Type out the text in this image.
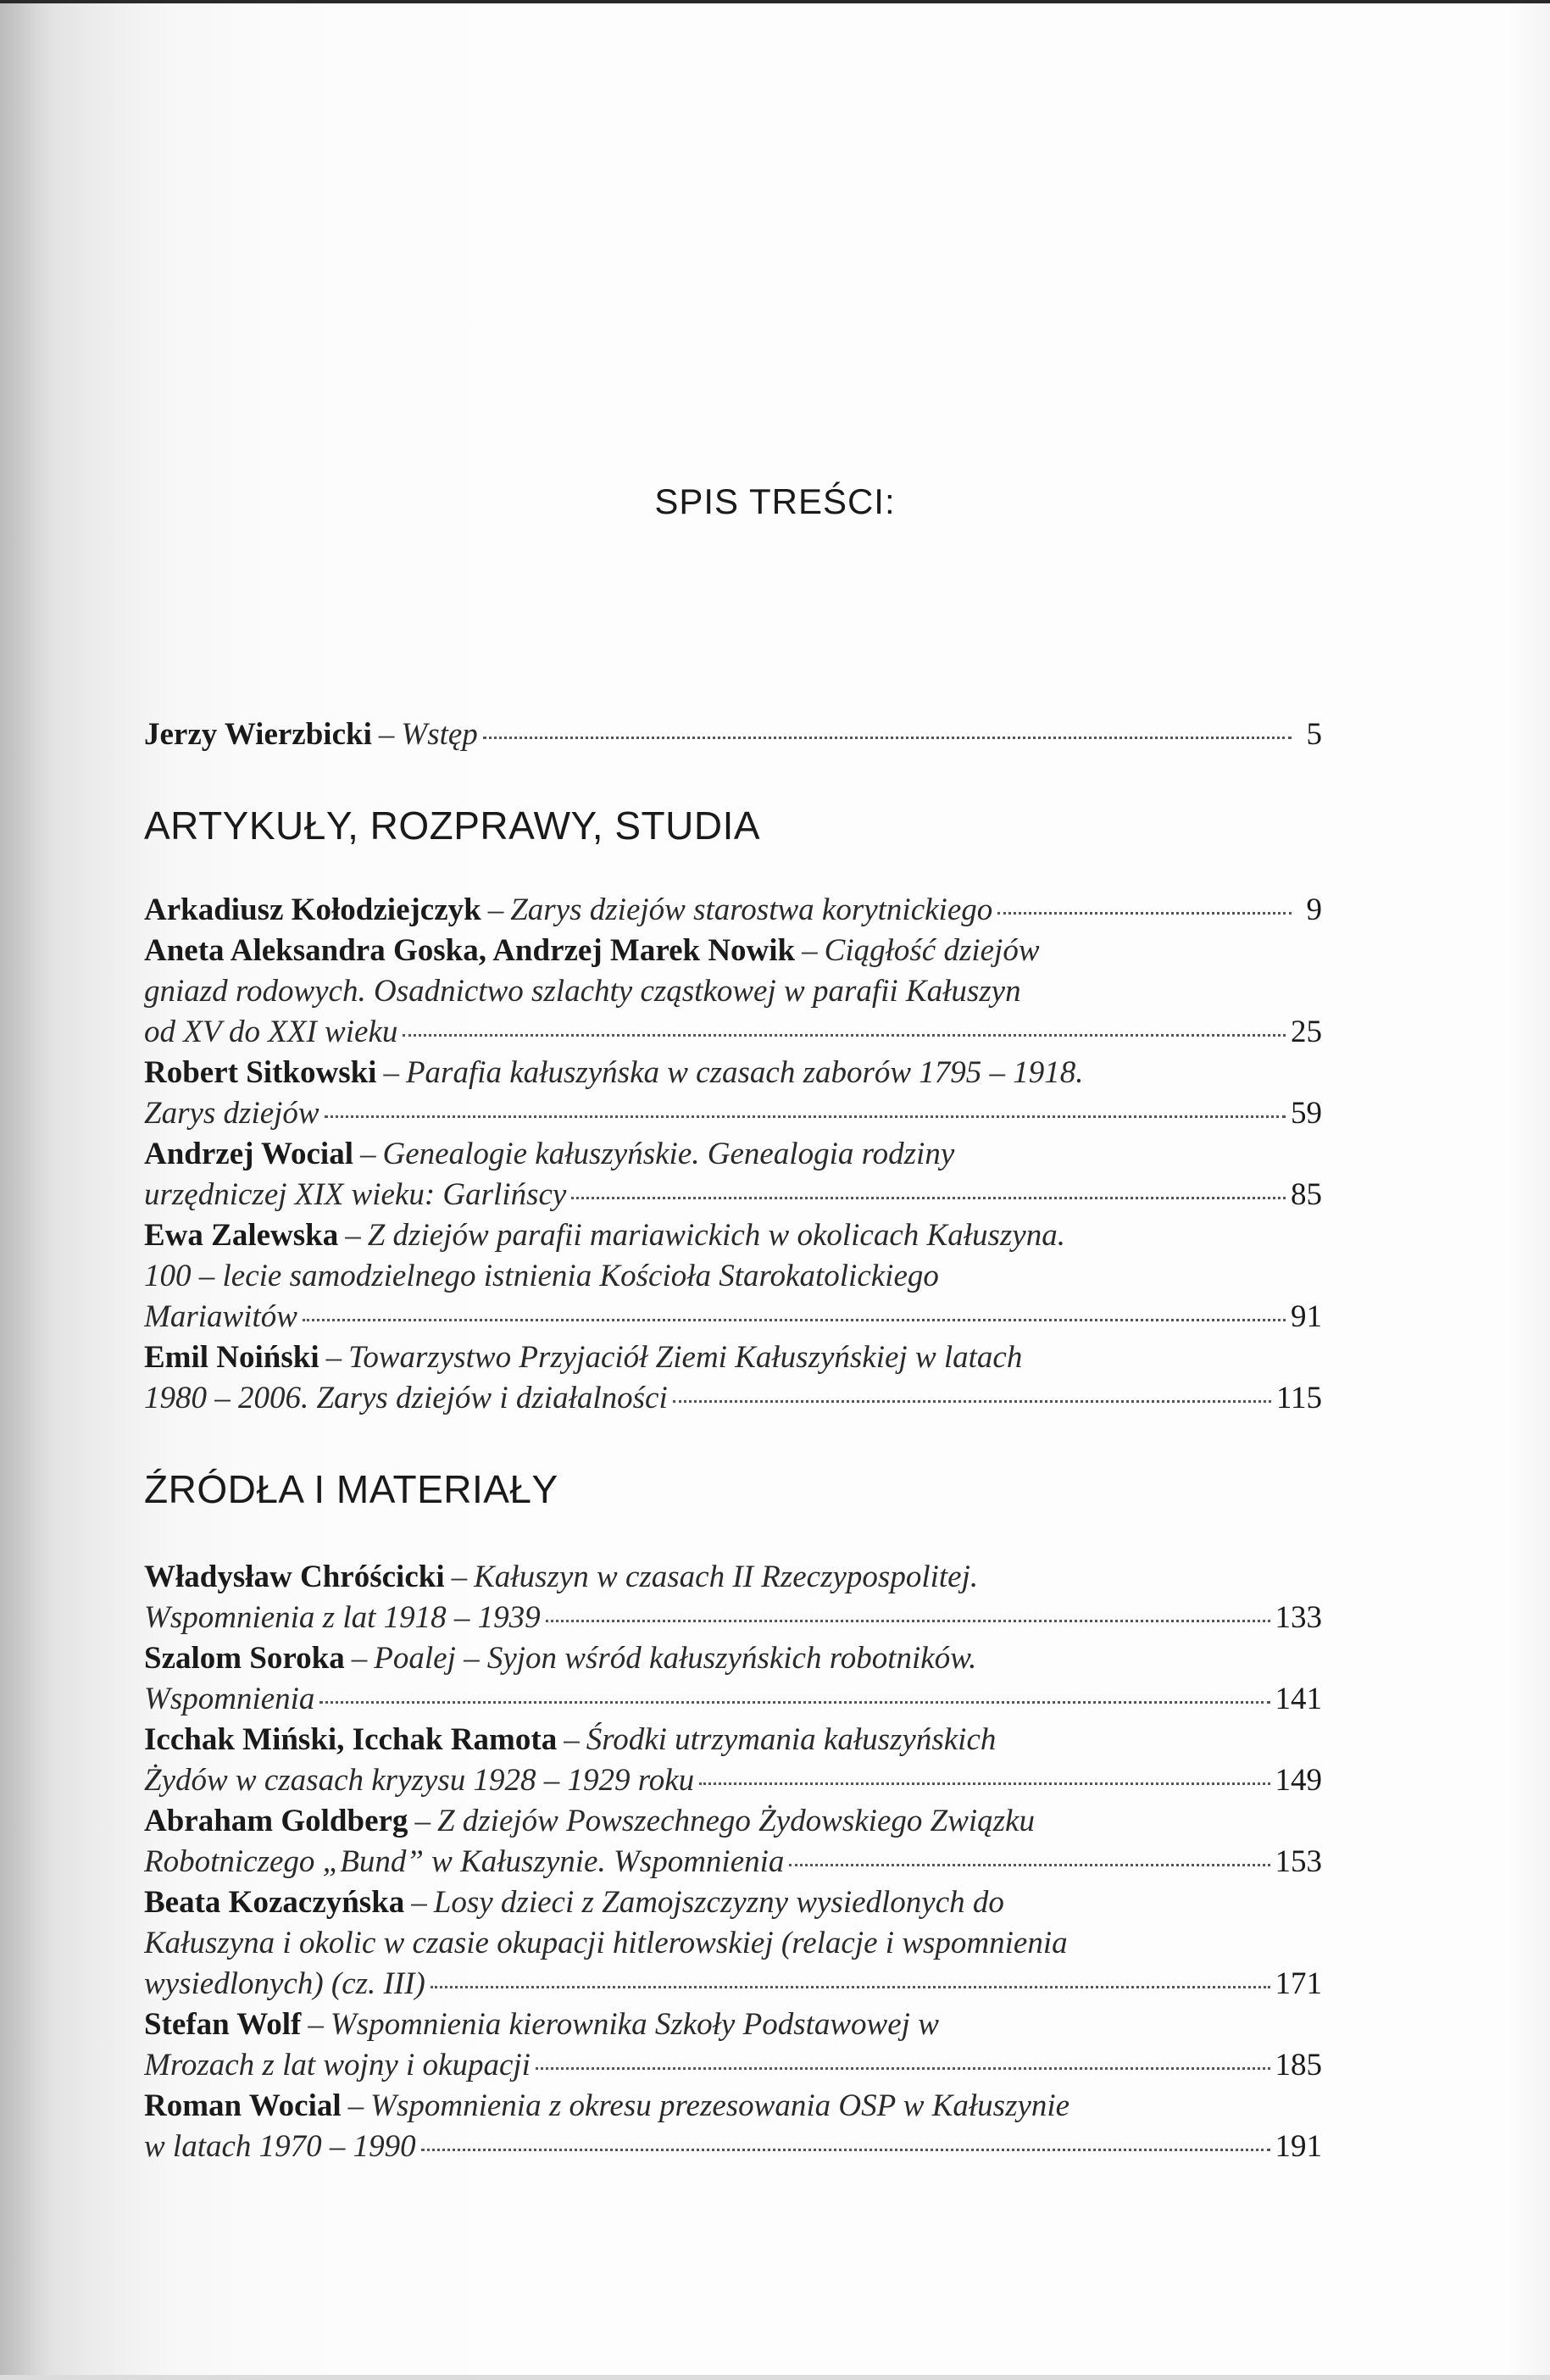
SPIS TREŚCI:
Jerzy Wierzbicki – Wstęp	5
ARTYKUŁY, ROZPRAWY, STUDIA
Arkadiusz Kołodziejczyk – Zarys dziejów starostwa korytnickiego	9
Aneta Aleksandra Goska, Andrzej Marek Nowik – Ciągłość dziejów
gniazd rodowych. Osadnictwo szlachty cząstkowej w parafii Kałuszyn
od XV do XXI wieku	25
Robert Sitkowski – Parafia kałuszyńska w czasach zaborów 1795 – 1918.
Zarys dziejów	59
Andrzej Wocial – Genealogie kałuszyńskie. Genealogia rodziny
urzędniczej XIX wieku: Garlińscy	85
Ewa Zalewska – Z dziejów parafii mariawickich w okolicach Kałuszyna.
100 – lecie samodzielnego istnienia Kościoła Starokatolickiego
Mariawitów	91
Emil Noiński – Towarzystwo Przyjaciół Ziemi Kałuszyńskiej w latach
1980 – 2006. Zarys dziejów i działalności	115
ŹRÓDŁA I MATERIAŁY
Władysław Chróścicki – Kałuszyn w czasach II Rzeczypospolitej.
Wspomnienia z lat 1918 – 1939	133
Szalom Soroka – Poalej – Syjon wśród kałuszyńskich robotników.
Wspomnienia	141
Icchak Miński, Icchak Ramota – Środki utrzymania kałuszyńskich
Żydów w czasach kryzysu 1928 – 1929 roku	149
Abraham Goldberg – Z dziejów Powszechnego Żydowskiego Związku
Robotniczego „Bund” w Kałuszynie. Wspomnienia	153
Beata Kozaczyńska – Losy dzieci z Zamojszczyzny wysiedlonych do
Kałuszyna i okolic w czasie okupacji hitlerowskiej (relacje i wspomnienia
wysiedlonych) (cz. III)	171
Stefan Wolf – Wspomnienia kierownika Szkoły Podstawowej w
Mrozach z lat wojny i okupacji	185
Roman Wocial – Wspomnienia z okresu prezesowania OSP w Kałuszynie
w latach 1970 – 1990	191
